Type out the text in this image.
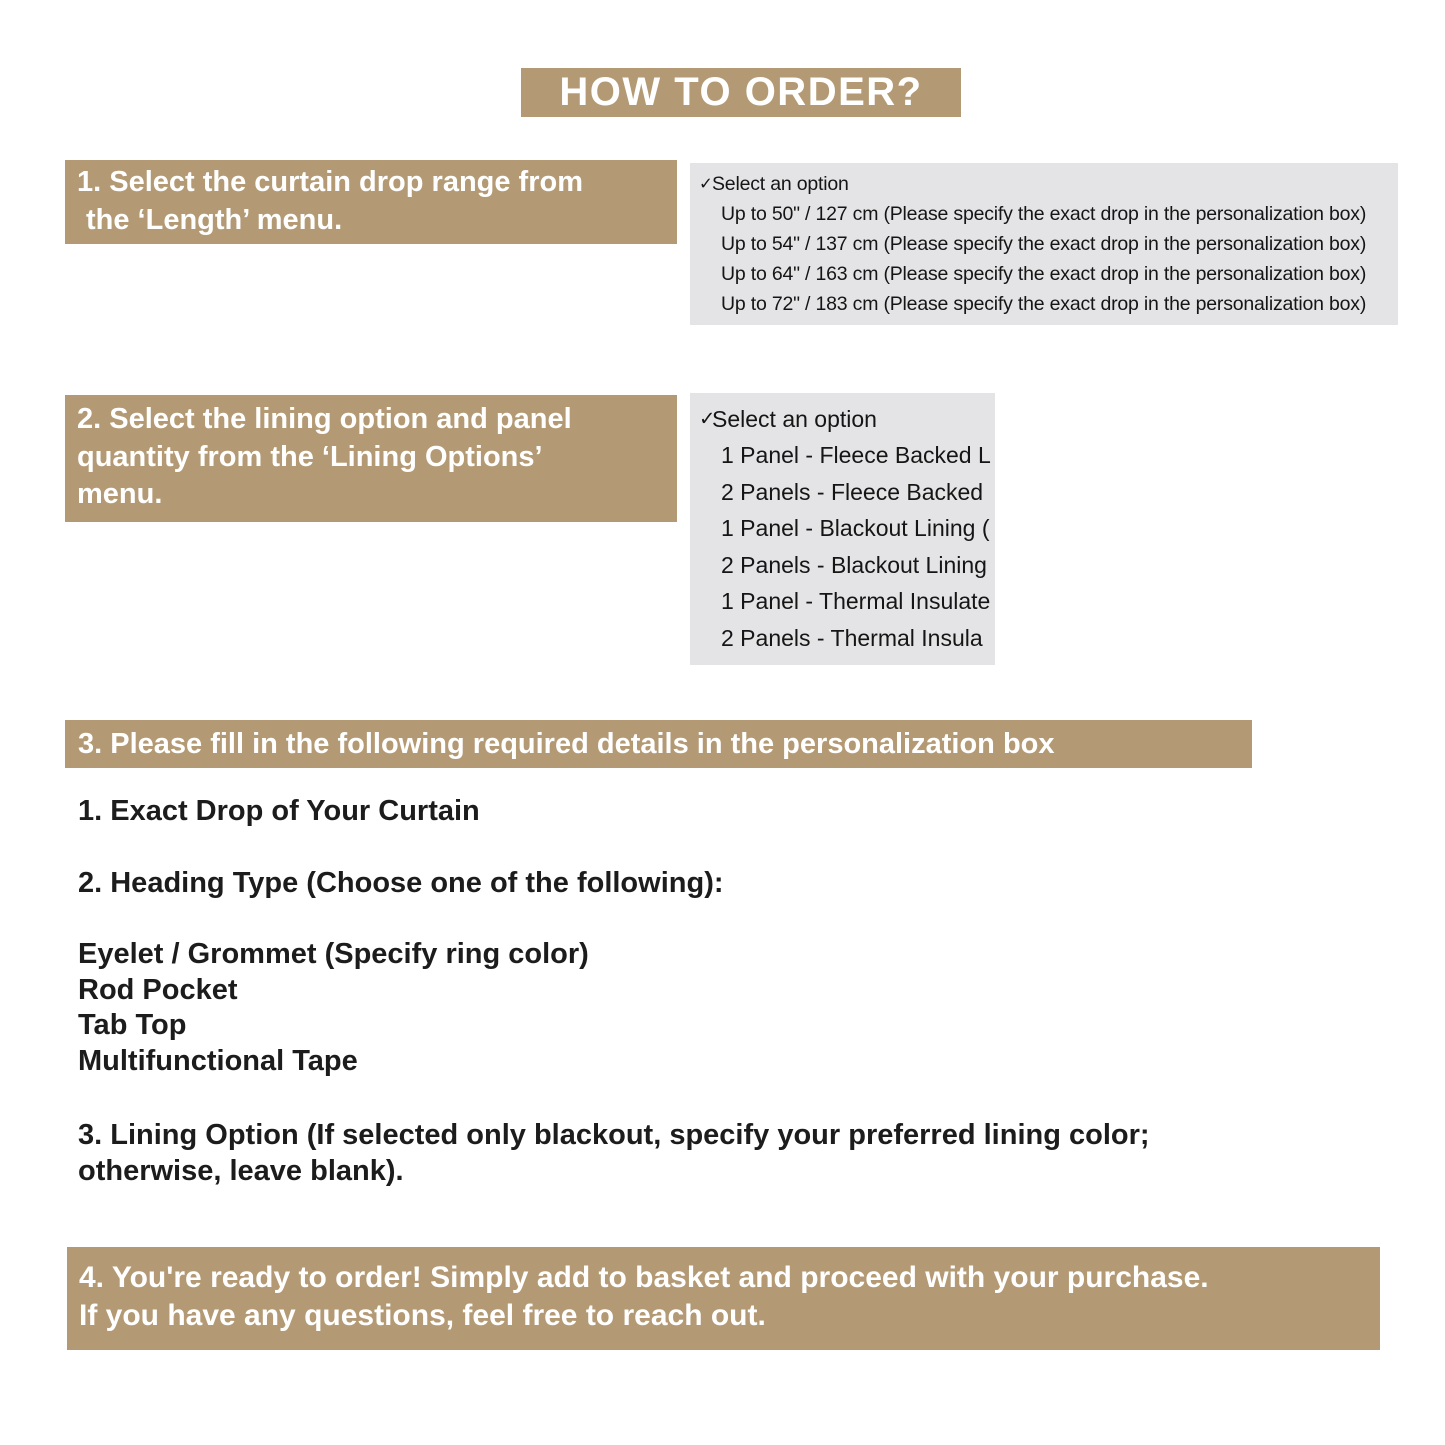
HOW TO ORDER?
1. Select the curtain drop range from
the ‘Length’ menu.
✓ Select an option
Up to 50" / 127 cm (Please specify the exact drop in the personalization box)
Up to 54" / 137 cm (Please specify the exact drop in the personalization box)
Up to 64" / 163 cm (Please specify the exact drop in the personalization box)
Up to 72" / 183 cm (Please specify the exact drop in the personalization box)
2. Select the lining option and panel
quantity from the ‘Lining Options’
menu.
✓
Select an option
1 Panel - Fleece Backed L
2 Panels - Fleece Backed
1 Panel - Blackout Lining (
2 Panels - Blackout Lining
1 Panel - Thermal Insulate
2 Panels - Thermal Insula
3. Please fill in the following required details in the personalization box
1. Exact Drop of Your Curtain
2. Heading Type (Choose one of the following):
Eyelet / Grommet (Specify ring color)
Rod Pocket
Tab Top
Multifunctional Tape
3. Lining Option (If selected only blackout, specify your preferred lining color;
otherwise, leave blank).
4. You're ready to order! Simply add to basket and proceed with your purchase.
If you have any questions, feel free to reach out.
